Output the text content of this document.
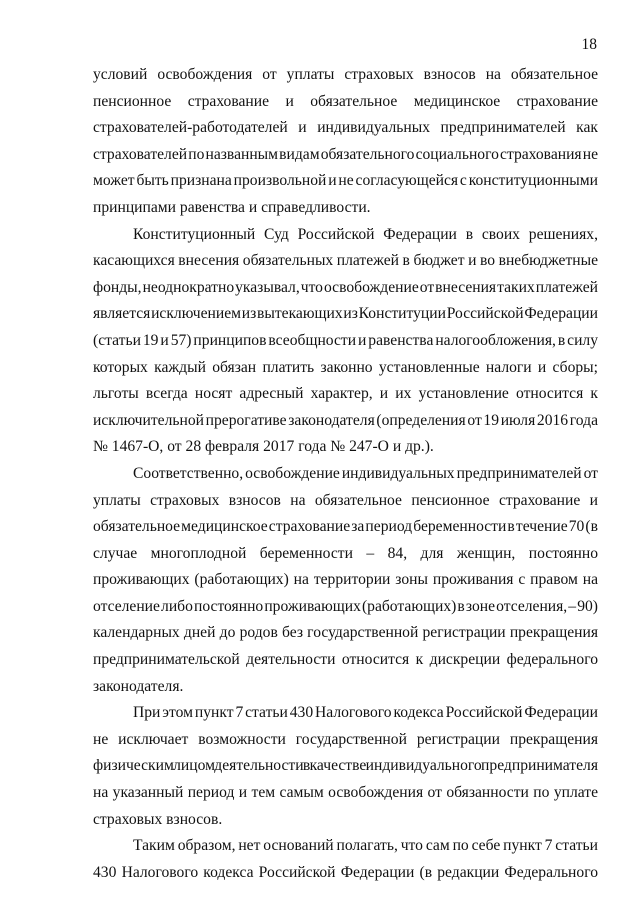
18

условий освобождения от уплаты страховых взносов на обязательное
пенсионное страхование и обязательное медицинское страхование
страхователей-работодателей и индивидуальных предпринимателей как
страхователей по названным видам обязательного социального страхования не
может быть признана произвольной и не согласующейся с конституционными
принципами равенства и справедливости.

Конституционный Суд Российской Федерации в своих решениях,
касающихся внесения обязательных платежей в бюджет и во внебюджетные
фонды, неоднократно указывал, что освобождение от внесения таких платежей
является исключением из вытекающих из Конституции Российской Федерации
(статьи 19 и 57) принципов всеобщности и равенства налогообложения, в силу
которых каждый обязан платить законно установленные налоги и сборы;
льготы всегда носят адресный характер, и их установление относится к
исключительной прерогативе законодателя (определения от 19 июля 2016 года
№ 1467-О, от 28 февраля 2017 года № 247-О и др.).

Соответственно, освобождение индивидуальных предпринимателей от
уплаты страховых взносов на обязательное пенсионное страхование и
обязательное медицинское страхование за период беременности в течение 70 (в
случае многоплодной беременности – 84, для женщин, постоянно
проживающих (работающих) на территории зоны проживания с правом на
отселение либо постоянно проживающих (работающих) в зоне отселения, – 90)
календарных дней до родов без государственной регистрации прекращения
предпринимательской деятельности относится к дискреции федерального
законодателя.

При этом пункт 7 статьи 430 Налогового кодекса Российской Федерации
не исключает возможности государственной регистрации прекращения
физическим лицом деятельности в качестве индивидуального предпринимателя
на указанный период и тем самым освобождения от обязанности по уплате
страховых взносов.

Таким образом, нет оснований полагать, что сам по себе пункт 7 статьи
430 Налогового кодекса Российской Федерации (в редакции Федерального
